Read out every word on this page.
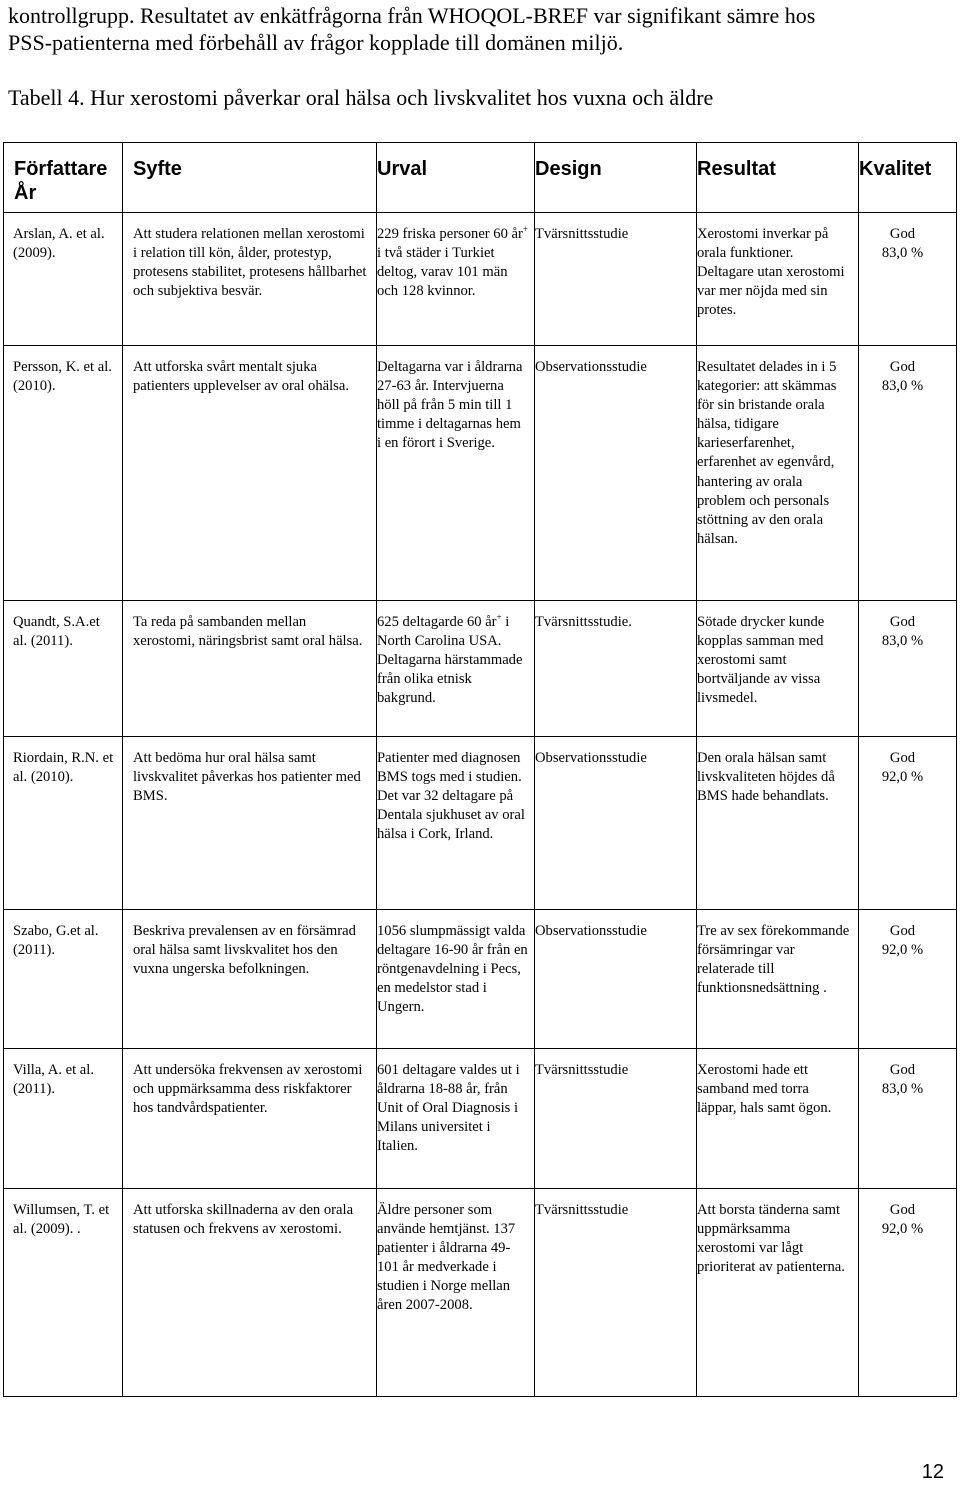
kontrollgrupp. Resultatet av enkätfrågorna från WHOQOL-BREF var signifikant sämre hos
PSS-patienterna med förbehåll av frågor kopplade till domänen miljö.

Tabell 4. Hur xerostomi påverkar oral hälsa och livskvalitet hos vuxna och äldre

Författare
År	Syfte	Urval	Design	Resultat	Kvalitet
Arslan, A. et al. (2009).	Att studera relationen mellan xerostomi i relation till kön, ålder, protestyp, protesens stabilitet, protesens hållbarhet och subjektiva besvär.	229 friska personer 60 år+ i två städer i Turkiet deltog, varav 101 män och 128 kvinnor.	Tvärsnittsstudie	Xerostomi inverkar på orala funktioner. Deltagare utan xerostomi var mer nöjda med sin protes.	God
83,0 %
Persson, K. et al. (2010).	Att utforska svårt mentalt sjuka patienters upplevelser av oral ohälsa.	Deltagarna var i åldrarna 27-63 år. Intervjuerna höll på från 5 min till 1 timme i deltagarnas hem i en förort i Sverige.	Observationsstudie	Resultatet delades in i 5 kategorier: att skämmas för sin bristande orala hälsa, tidigare karieserfarenhet, erfarenhet av egenvård, hantering av orala problem och personals stöttning av den orala hälsan.	God
83,0 %
Quandt, S.A.et al. (2011).	Ta reda på sambanden mellan xerostomi, näringsbrist samt oral hälsa.	625 deltagarde 60 år+ i North Carolina USA. Deltagarna härstammade från olika etnisk bakgrund.	Tvärsnittsstudie.	Sötade drycker kunde kopplas samman med xerostomi samt bortväljande av vissa livsmedel.	God
83,0 %
Riordain, R.N. et al. (2010).	Att bedöma hur oral hälsa samt livskvalitet påverkas hos patienter med BMS.	Patienter med diagnosen BMS togs med i studien. Det var 32 deltagare på Dentala sjukhuset av oral hälsa i Cork, Irland.	Observationsstudie	Den orala hälsan samt livskvaliteten höjdes då BMS hade behandlats.	God
92,0 %
Szabo, G.et al. (2011).	Beskriva prevalensen av en försämrad oral hälsa samt livskvalitet hos den vuxna ungerska befolkningen.	1056 slumpmässigt valda deltagare 16-90 år från en röntgenavdelning i Pecs, en medelstor stad i Ungern.	Observationsstudie	Tre av sex förekommande försämringar var relaterade till funktionsnedsättning .	God
92,0 %
Villa, A. et al. (2011).	Att undersöka frekvensen av xerostomi och uppmärksamma dess riskfaktorer hos tandvårdspatienter.	601 deltagare valdes ut i åldrarna 18-88 år, från Unit of Oral Diagnosis i Milans universitet i Italien.	Tvärsnittsstudie	Xerostomi hade ett samband med torra läppar, hals samt ögon.	God
83,0 %
Willumsen, T. et al. (2009). .	Att utforska skillnaderna av den orala statusen och frekvens av xerostomi.	Äldre personer som använde hemtjänst. 137 patienter i åldrarna 49-101 år medverkade i studien i Norge mellan åren 2007-2008.	Tvärsnittsstudie	Att borsta tänderna samt uppmärksamma xerostomi var lågt prioriterat av patienterna.	God
92,0 %
12
